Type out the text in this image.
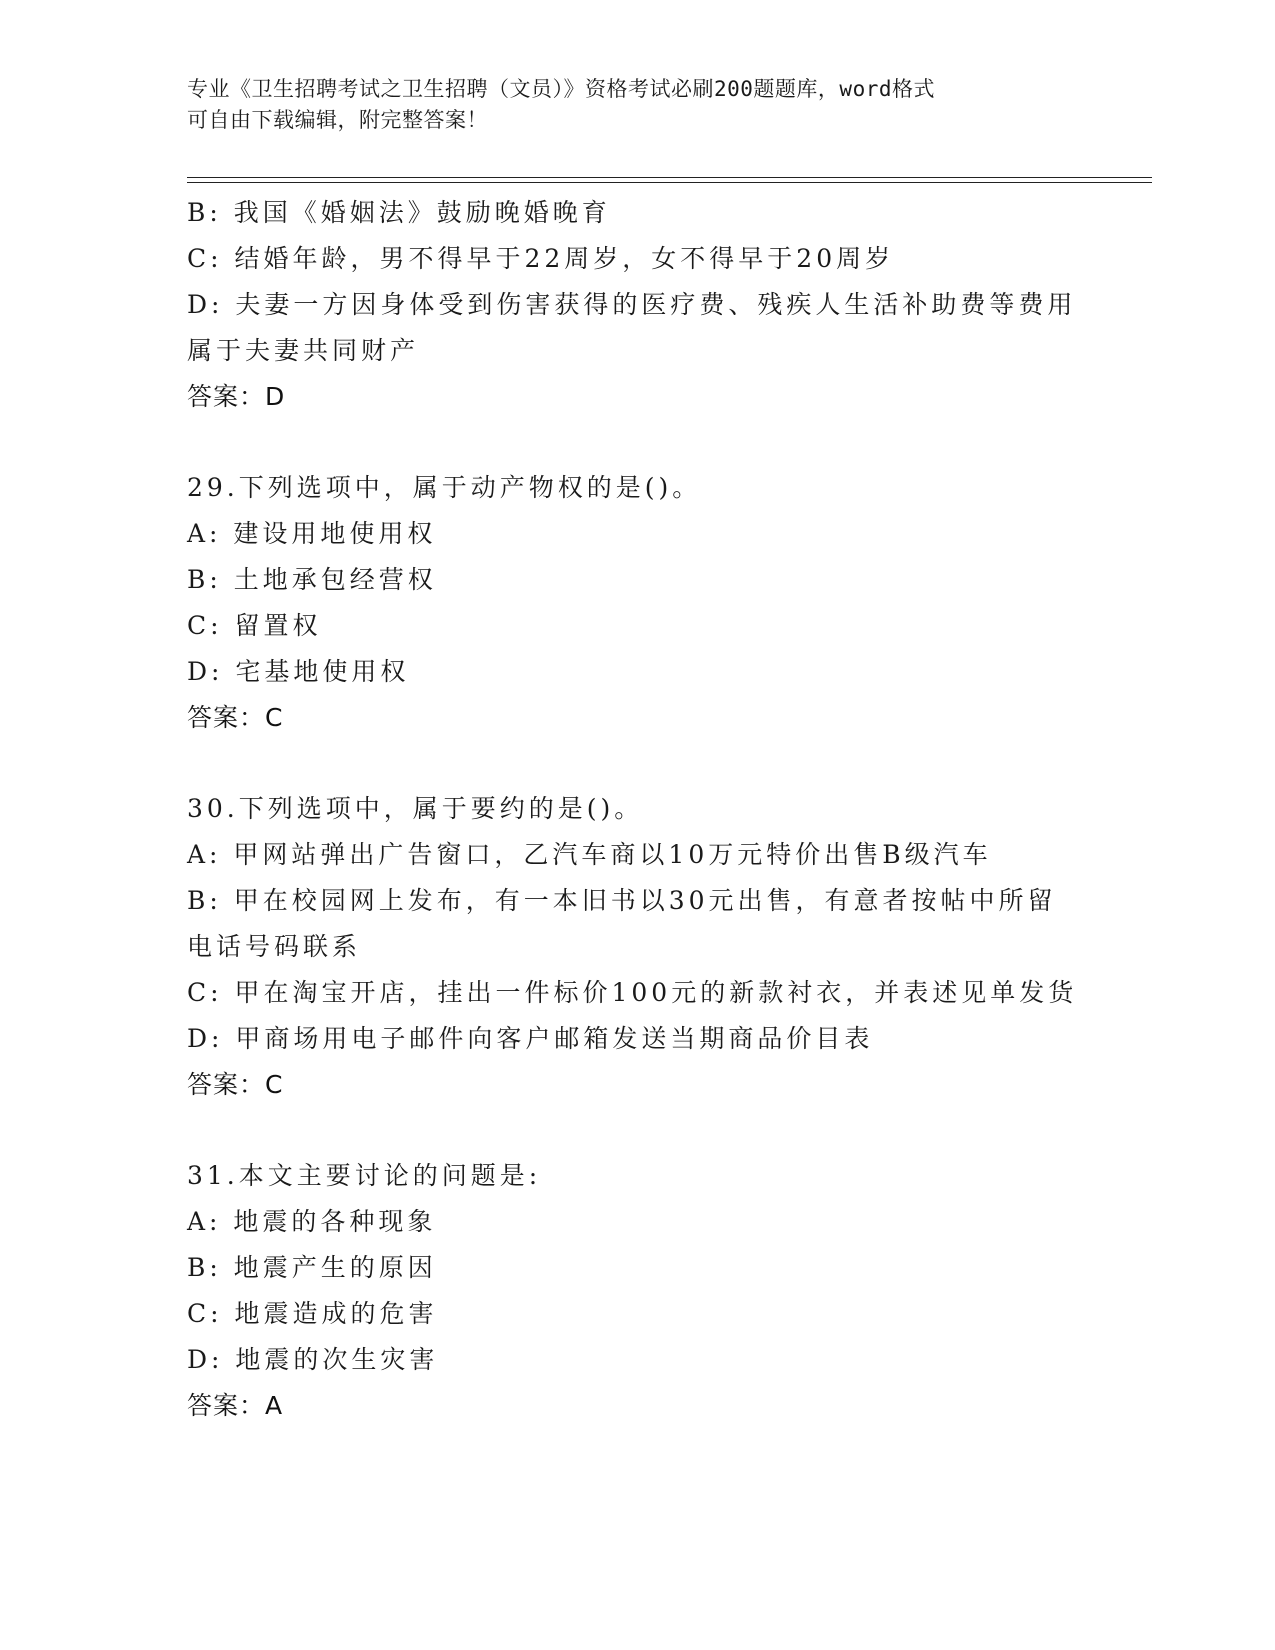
专业《卫生招聘考试之卫生招聘（文员）》资格考试必刷200题题库，word格式
可自由下载编辑，附完整答案！
B: 我国《婚姻法》鼓励晚婚晚育
C: 结婚年龄，男不得早于22周岁，女不得早于20周岁
D: 夫妻一方因身体受到伤害获得的医疗费、残疾人生活补助费等费用
属于夫妻共同财产
答案：D
29.下列选项中，属于动产物权的是()。
A: 建设用地使用权
B: 土地承包经营权
C: 留置权
D: 宅基地使用权
答案：C
30.下列选项中，属于要约的是()。
A: 甲网站弹出广告窗口，乙汽车商以10万元特价出售B级汽车
B: 甲在校园网上发布，有一本旧书以30元出售，有意者按帖中所留
电话号码联系
C: 甲在淘宝开店，挂出一件标价100元的新款衬衣，并表述见单发货
D: 甲商场用电子邮件向客户邮箱发送当期商品价目表
答案：C
31.本文主要讨论的问题是:
A: 地震的各种现象
B: 地震产生的原因
C: 地震造成的危害
D: 地震的次生灾害
答案：A
